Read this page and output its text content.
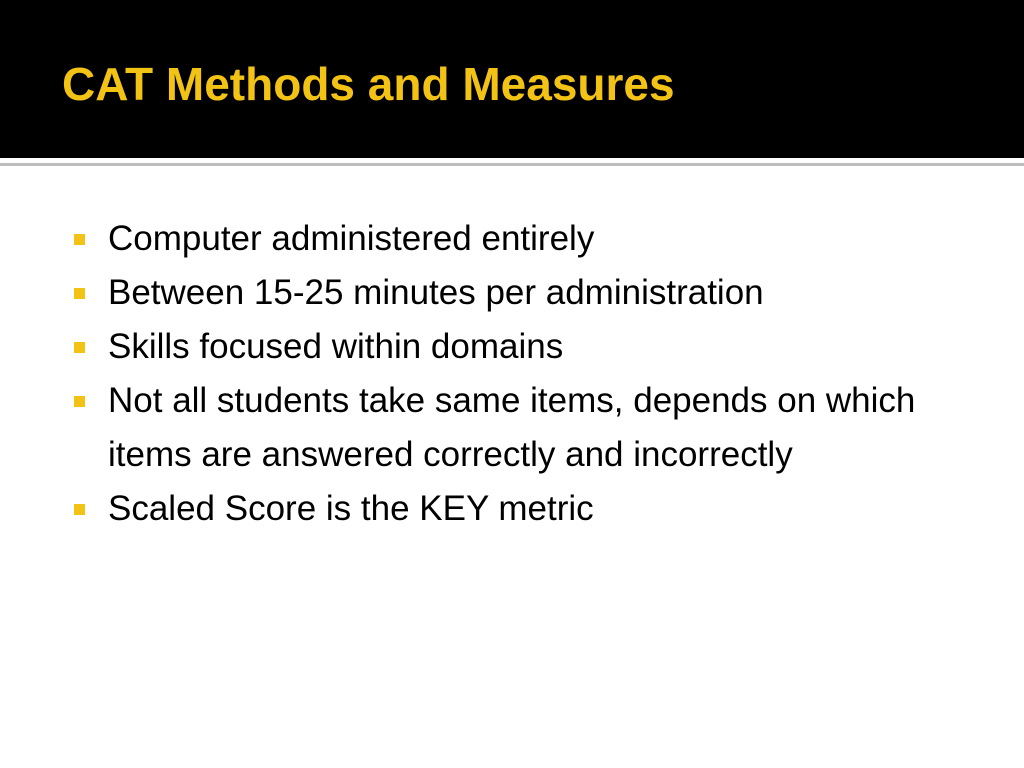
CAT Methods and Measures
Computer administered entirely
Between 15-25 minutes per administration
Skills focused within domains
Not all students take same items, depends on which items are answered correctly and incorrectly
Scaled Score is the KEY metric
